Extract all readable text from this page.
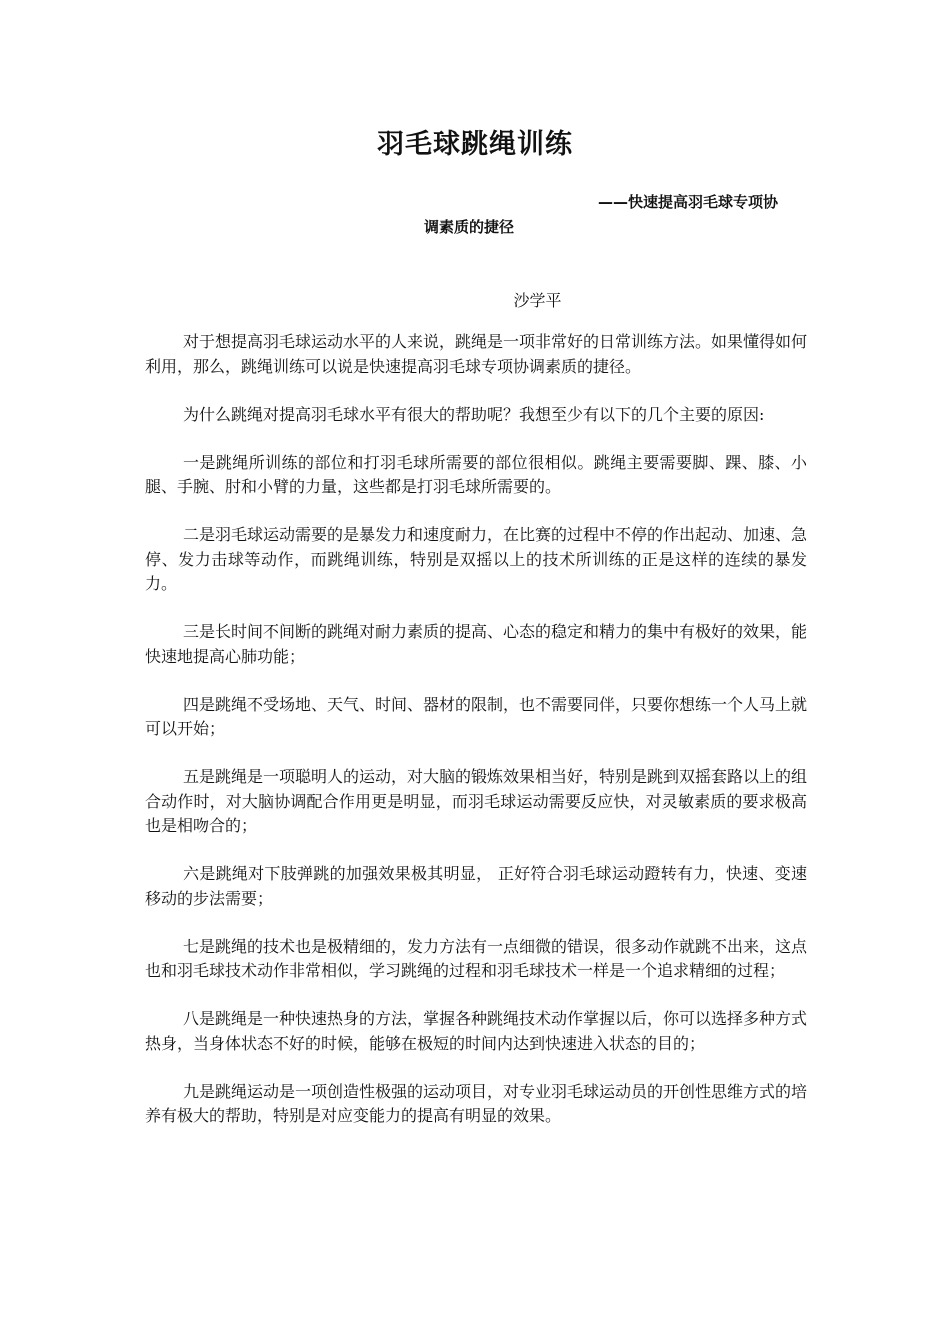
羽毛球跳绳训练
——快速提高羽毛球专项协
调素质的捷径
沙学平

对于想提高羽毛球运动水平的人来说，跳绳是一项非常好的日常训练方法。如果懂得如何利用，那么，跳绳训练可以说是快速提高羽毛球专项协调素质的捷径。

为什么跳绳对提高羽毛球水平有很大的帮助呢？我想至少有以下的几个主要的原因:

一是跳绳所训练的部位和打羽毛球所需要的部位很相似。跳绳主要需要脚、踝、膝、小腿、手腕、肘和小臂的力量，这些都是打羽毛球所需要的。

二是羽毛球运动需要的是暴发力和速度耐力，在比赛的过程中不停的作出起动、加速、急停、发力击球等动作，而跳绳训练，特别是双摇以上的技术所训练的正是这样的连续的暴发力。

三是长时间不间断的跳绳对耐力素质的提高、心态的稳定和精力的集中有极好的效果，能快速地提高心肺功能；

四是跳绳不受场地、天气、时间、器材的限制，也不需要同伴，只要你想练一个人马上就可以开始；

五是跳绳是一项聪明人的运动，对大脑的锻炼效果相当好，特别是跳到双摇套路以上的组合动作时，对大脑协调配合作用更是明显，而羽毛球运动需要反应快，对灵敏素质的要求极高也是相吻合的；

六是跳绳对下肢弹跳的加强效果极其明显， 正好符合羽毛球运动蹬转有力，快速、变速移动的步法需要；

七是跳绳的技术也是极精细的，发力方法有一点细微的错误，很多动作就跳不出来，这点也和羽毛球技术动作非常相似，学习跳绳的过程和羽毛球技术一样是一个追求精细的过程；

八是跳绳是一种快速热身的方法，掌握各种跳绳技术动作掌握以后，你可以选择多种方式热身，当身体状态不好的时候，能够在极短的时间内达到快速进入状态的目的；

九是跳绳运动是一项创造性极强的运动项目，对专业羽毛球运动员的开创性思维方式的培养有极大的帮助，特别是对应变能力的提高有明显的效果。
